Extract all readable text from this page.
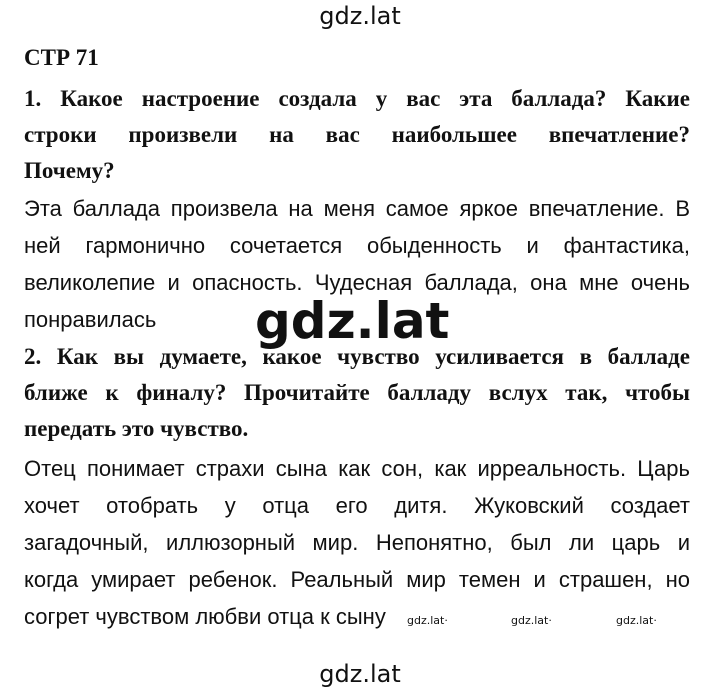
gdz.lat
СТР 71
1. Какое настроение создала у вас эта баллада? Какие
строки произвели на вас наибольшее впечатление?
Почему?
Эта баллада произвела на меня самое яркое впечатление. В
ней гармонично сочетается обыденность и фантастика,
великолепие и опасность. Чудесная баллада, она мне очень
понравилась
2. Как вы думаете, какое чувство усиливается в балладе
ближе к финалу? Прочитайте балладу вслух так, чтобы
передать это чувство.
Отец понимает страхи сына как сон, как ирреальность. Царь
хочет отобрать у отца его дитя. Жуковский создает
загадочный, иллюзорный мир. Непонятно, был ли царь и
когда умирает ребенок. Реальный мир темен и страшен, но
согрет чувством любви отца к сыну
gdz.lat
gdz.lat·	gdz.lat·	gdz.lat·
gdz.lat
